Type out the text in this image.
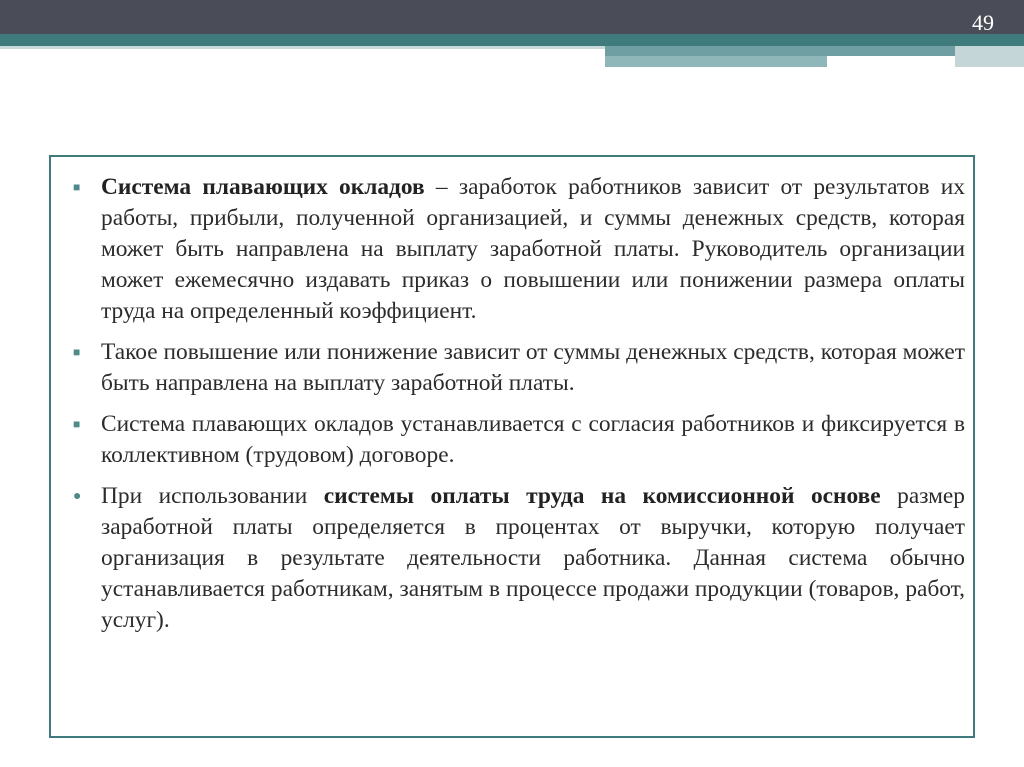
49
■ Система плавающих окладов – заработок работников зависит от результатов их работы, прибыли, полученной организацией, и суммы денежных средств, которая может быть направлена на выплату заработной платы. Руководитель организации может ежемесячно издавать приказ о повышении или понижении размера оплаты труда на определенный коэффициент.
■ Такое повышение или понижение зависит от суммы денежных средств, которая может быть направлена на выплату заработной платы.
■ Система плавающих окладов устанавливается с согласия работников и фиксируется в коллективном (трудовом) договоре.
● При использовании системы оплаты труда на комиссионной основе размер заработной платы определяется в процентах от выручки, которую получает организация в результате деятельности работника. Данная система обычно устанавливается работникам, занятым в процессе продажи продукции (товаров, работ, услуг).
